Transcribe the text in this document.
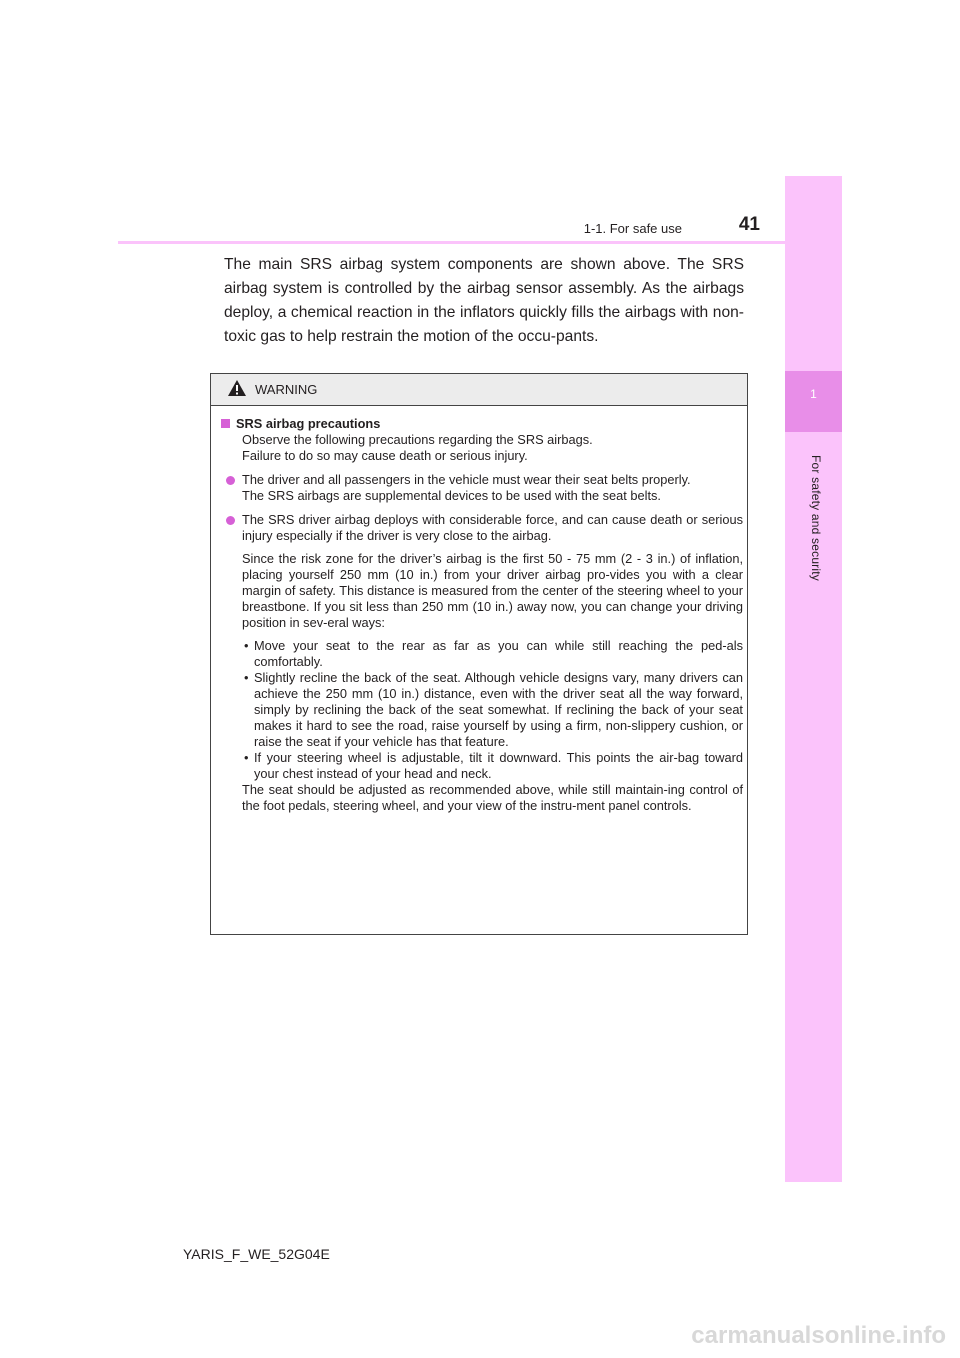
1
For safety and security
1-1. For safe use	41
The main SRS airbag system components are shown above. The SRS airbag system is controlled by the airbag sensor assembly. As the airbags deploy, a chemical reaction in the inflators quickly fills the airbags with non-toxic gas to help restrain the motion of the occu-pants.
WARNING
SRS airbag precautions
Observe the following precautions regarding the SRS airbags.
Failure to do so may cause death or serious injury.
The driver and all passengers in the vehicle must wear their seat belts properly.
The SRS airbags are supplemental devices to be used with the seat belts.
The SRS driver airbag deploys with considerable force, and can cause death or serious injury especially if the driver is very close to the airbag.
Since the risk zone for the driver’s airbag is the first 50 - 75 mm (2 - 3 in.) of inflation, placing yourself 250 mm (10 in.) from your driver airbag pro-vides you with a clear margin of safety. This distance is measured from the center of the steering wheel to your breastbone. If you sit less than 250 mm (10 in.) away now, you can change your driving position in sev-eral ways:
• Move your seat to the rear as far as you can while still reaching the ped-als comfortably.
• Slightly recline the back of the seat. Although vehicle designs vary, many drivers can achieve the 250 mm (10 in.) distance, even with the driver seat all the way forward, simply by reclining the back of the seat somewhat. If reclining the back of your seat makes it hard to see the road, raise yourself by using a firm, non-slippery cushion, or raise the seat if your vehicle has that feature.
• If your steering wheel is adjustable, tilt it downward. This points the air-bag toward your chest instead of your head and neck.
The seat should be adjusted as recommended above, while still maintain-ing control of the foot pedals, steering wheel, and your view of the instru-ment panel controls.
YARIS_F_WE_52G04E
carmanualsonline.info
